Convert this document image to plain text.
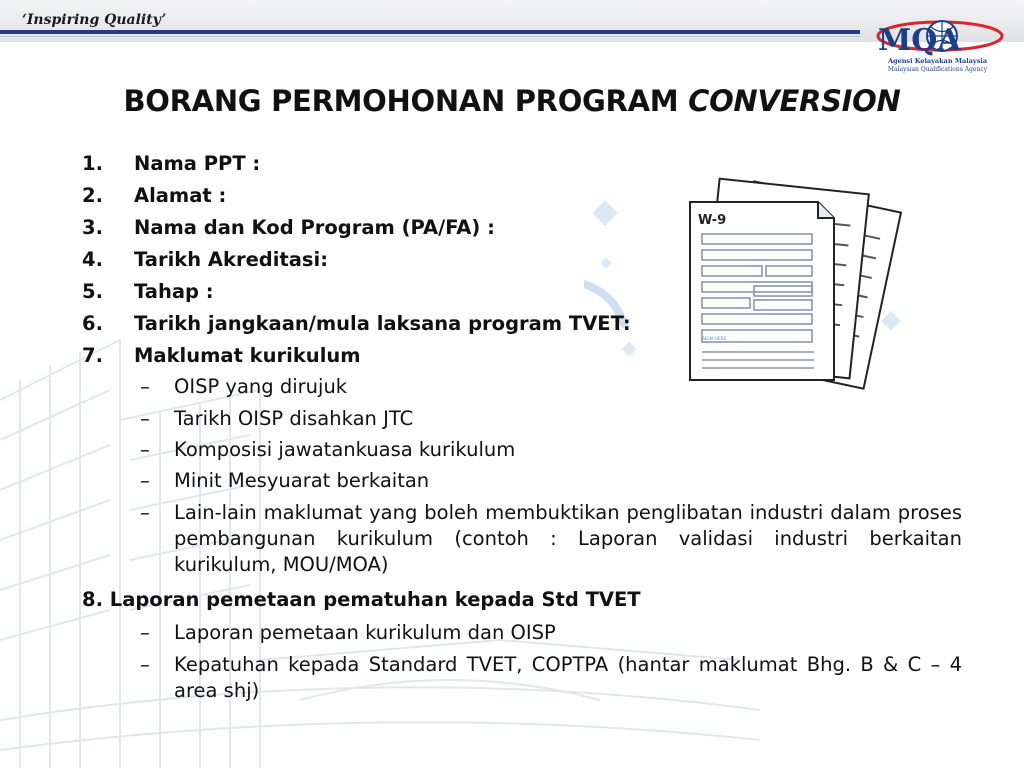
‘Inspiring Quality’
MQA
Agensi Kelayakan Malaysia
Malaysian Qualifications Agency
BORANG PERMOHONAN PROGRAM CONVERSION
W-9
SIGN HERE
1.	Nama PPT :
2.	Alamat :
3.	Nama dan Kod Program (PA/FA) :
4.	Tarikh Akreditasi:
5.	Tahap :
6.	Tarikh jangkaan/mula laksana program TVET:
7.	Maklumat kurikulum
–	OISP yang dirujuk
–	Tarikh OISP disahkan JTC
–	Komposisi jawatankuasa kurikulum
–	Minit Mesyuarat berkaitan
–	Lain-lain maklumat yang boleh membuktikan penglibatan industri dalam proses pembangunan kurikulum (contoh : Laporan validasi industri berkaitan kurikulum, MOU/MOA)
8. Laporan pemetaan pematuhan kepada Std TVET
–	Laporan pemetaan kurikulum dan OISP
–	Kepatuhan kepada Standard TVET, COPTPA (hantar maklumat Bhg. B & C – 4 area shj)
